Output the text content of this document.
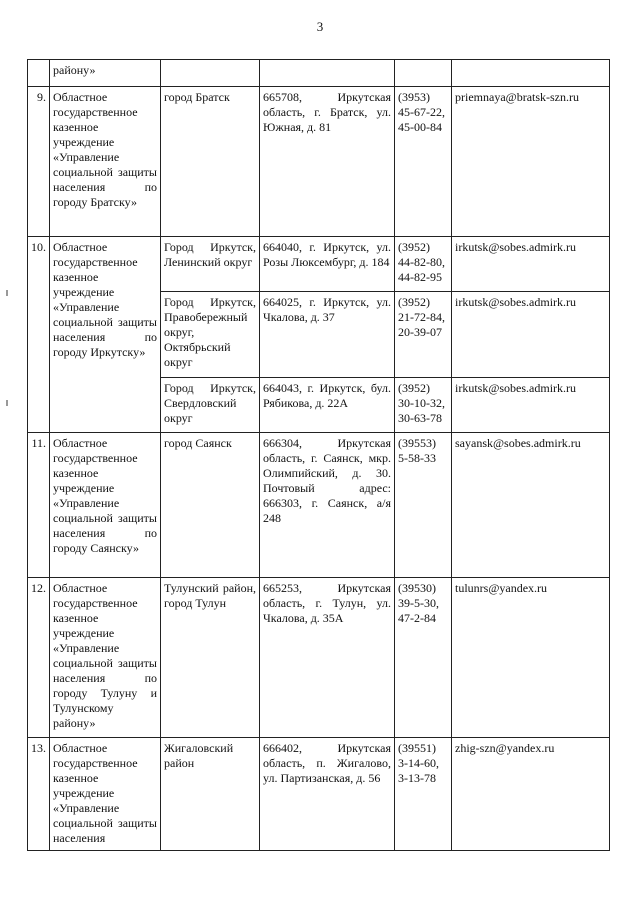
3
	району»				
9.	Областное государственное казенное учреждение «Управление социальной защиты населения по городу Братску»	город Братск	665708, Иркутская область, г. Братск, ул. Южная, д. 81	(3953) 45-67-22, 45-00-84	priemnaya@bratsk-szn.ru
10.	Областное государственное казенное учреждение «Управление социальной защиты населения по городу Иркутску»	Город Иркутск, Ленинский округ	664040, г. Иркутск, ул. Розы Люксембург, д. 184	(3952) 44-82-80, 44-82-95	irkutsk@sobes.admirk.ru
		Город Иркутск, Правобережный округ, Октябрьский округ	664025, г. Иркутск, ул. Чкалова, д. 37	(3952) 21-72-84, 20-39-07	irkutsk@sobes.admirk.ru
		Город Иркутск, Свердловский округ	664043, г. Иркутск, бул. Рябикова, д. 22А	(3952) 30-10-32, 30-63-78	irkutsk@sobes.admirk.ru
11.	Областное государственное казенное учреждение «Управление социальной защиты населения по городу Саянску»	город Саянск	666304, Иркутская область, г. Саянск, мкр. Олимпийский, д. 30. Почтовый адрес: 666303, г. Саянск, а/я 248	(39553) 5-58-33	sayansk@sobes.admirk.ru
12.	Областное государственное казенное учреждение «Управление социальной защиты населения по городу Тулуну и Тулунскому району»	Тулунский район, город Тулун	665253, Иркутская область, г. Тулун, ул. Чкалова, д. 35А	(39530) 39-5-30, 47-2-84	tulunrs@yandex.ru
13.	Областное государственное казенное учреждение «Управление социальной защиты населения	Жигаловский район	666402, Иркутская область, п. Жигалово, ул. Партизанская, д. 56	(39551) 3-14-60, 3-13-78	zhig-szn@yandex.ru
